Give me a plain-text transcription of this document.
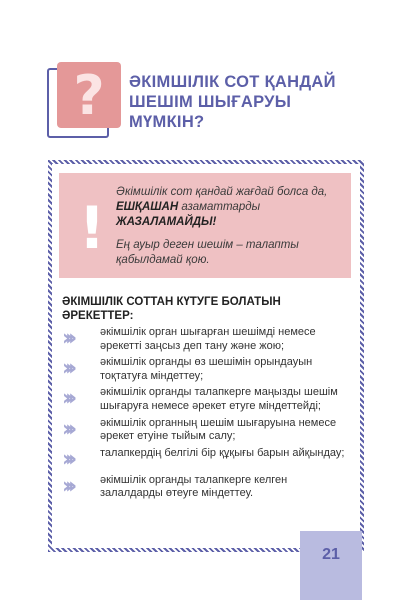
?	ӘКІМШІЛІК СОТ ҚАНДАЙ
ШЕШІМ ШЫҒАРУЫ
МҮМКІН?
!
Әкімшілік сот қандай жағдай болса да, ЕШҚАШАН азаматтарды ЖАЗАЛАМАЙДЫ!
Ең ауыр деген шешім – талапты қабылдамай қою.
ӘКІМШІЛІК СОТТАН КҮТУГЕ БОЛАТЫН ӘРЕКЕТТЕР:
›››	әкімшілік орган шығарған шешімді немесе әрекетті заңсыз деп тану және жою;
›››	әкімшілік органды өз шешімін орындауын тоқтатуға міндеттеу;
›››	әкімшілік органды талапкерге маңызды шешім шығаруға немесе әрекет етуге міндеттейді;
›››	әкімшілік органның шешім шығаруына немесе әрекет етуіне тыйым салу;
›››	талапкердің белгілі бір құқығы барын айқындау;
›››	әкімшілік органды талапкерге келген залалдарды өтеуге міндеттеу.
21
